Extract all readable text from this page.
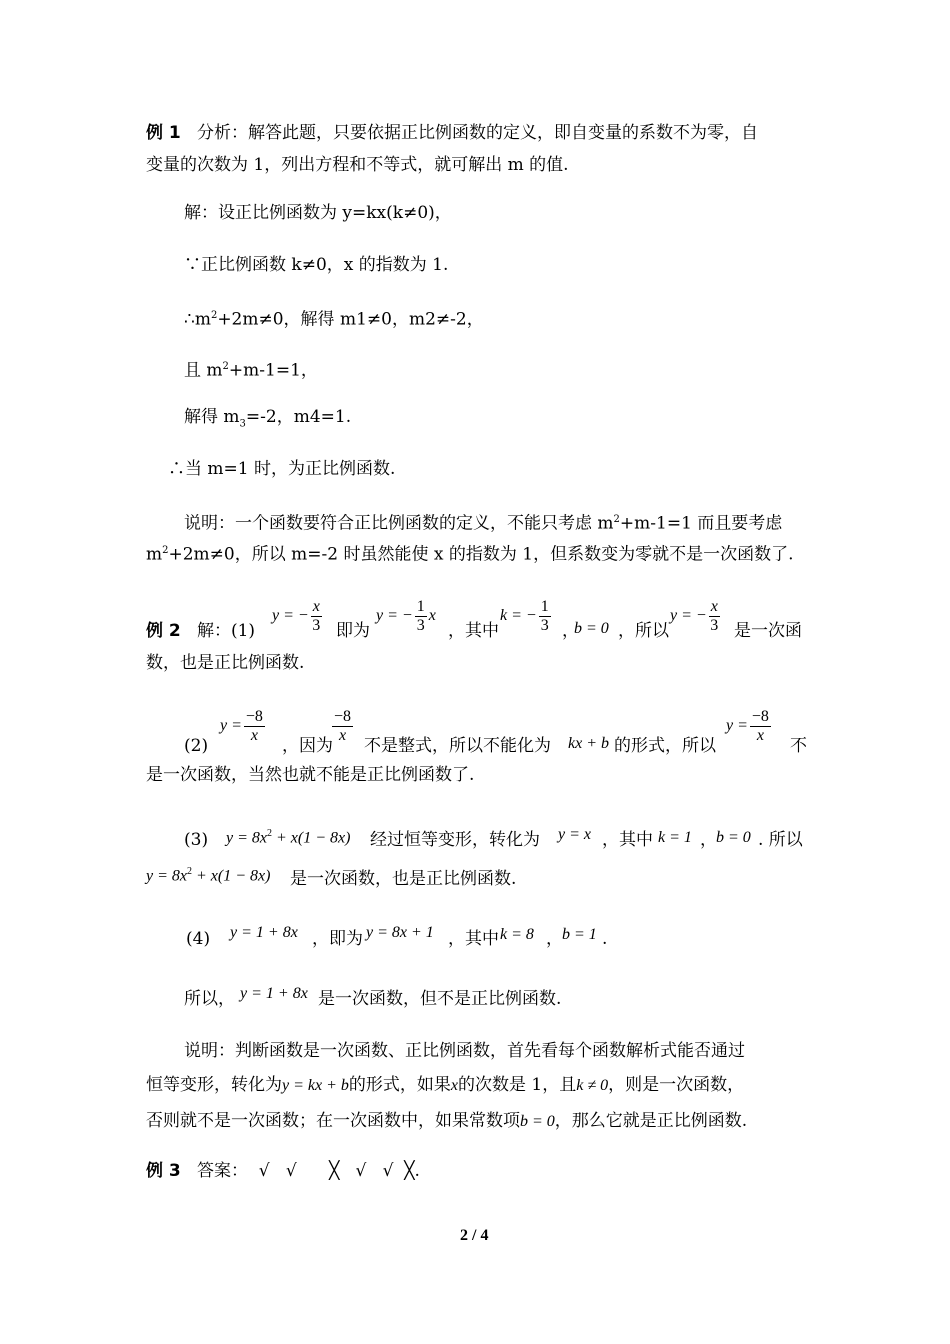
例 1 分析：解答此题，只要依据正比例函数的定义，即自变量的系数不为零，自
变量的次数为 1，列出方程和不等式，就可解出 m 的值.
解：设正比例函数为 y=kx(k≠0)，
∵正比例函数 k≠0，x 的指数为 1.
$\therefore m^2+2m\ne 0$，解得 m1≠0，m2≠-2，
且 $m^2+m-1=1$，
解得 $m_3=-2$，m4=1.
∴当 m=1 时，为正比例函数.
说明：一个函数要符合正比例函数的定义，不能只考虑 $m^2+m-1=1$ 而且要考虑
$m^2+2m\ne 0$，所以 m=-2 时虽然能使 x 的指数为 1，但系数变为零就不是一次函数了.
例 2 解：(1)
y = − $\frac{x}{3}$ 即为
y = − $\frac{1}{3}$ x
，其中
k = − $\frac{1}{3}$ ，
b = 0 ，所以
y = − $\frac{x}{3}$ 是一次函
数，也是正比例函数.
(2)
$y = \frac{-8}{x}$
，因为
$\frac{-8}{x}$
不是整式，所以不能化为 kx + b 的形式，所以
$y = \frac{-8}{x}$
不
是一次函数，当然也就不能是正比例函数了.
(3) $y = 8x^2 + x(1 - 8x)$ 经过恒等变形，转化为 y = x ，其中 k = 1 ， b = 0 . 所以
$y = 8x^2 + x(1 - 8x)$ 是一次函数，也是正比例函数.
(4) y = 1 + 8x ，即为 y = 8x + 1 ，其中 k = 8 ， b = 1 .
所以， y = 1 + 8x 是一次函数，但不是正比例函数.
说明：判断函数是一次函数、正比例函数，首先看每个函数解析式能否通过
恒等变形，转化为y = kx + b的形式，如果x的次数是 1，且k ≠ 0，则是一次函数，
否则就不是一次函数；在一次函数中，如果常数项b = 0，那么它就是正比例函数.
例 3 答案：  √   √      ╳   √   √  ╳.
2 / 4
